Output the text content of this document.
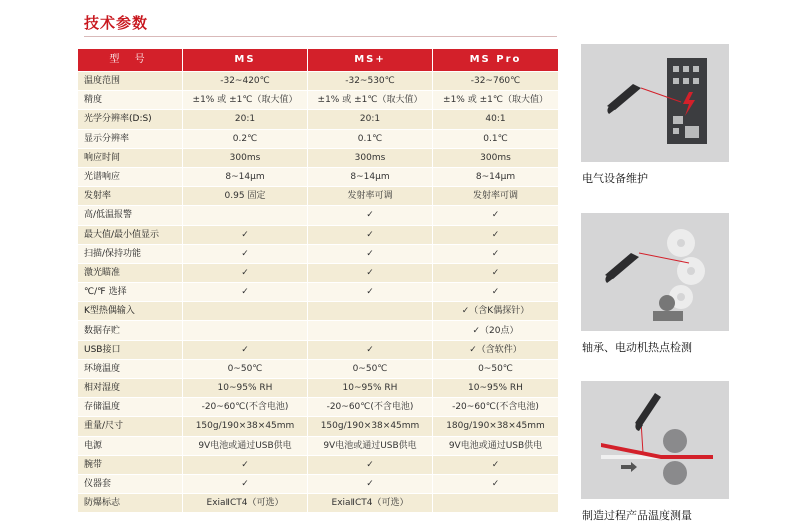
技术参数
型 号	MS	MS+	MS Pro
温度范围	-32~420℃	-32~530℃	-32~760℃
精度	±1% 或 ±1℃（取大值）	±1% 或 ±1℃（取大值）	±1% 或 ±1℃（取大值）
光学分辨率(D:S)	20:1	20:1	40:1
显示分辨率	0.2℃	0.1℃	0.1℃
响应时间	300ms	300ms	300ms
光谱响应	8~14μm	8~14μm	8~14μm
发射率	0.95 固定	发射率可调	发射率可调
高/低温报警		✓	✓
最大值/最小值显示	✓	✓	✓
扫描/保持功能	✓	✓	✓
激光瞄准	✓	✓	✓
℃/℉ 选择	✓	✓	✓
K型热偶输入			✓（含K偶探针）
数据存贮			✓（20点）
USB接口	✓	✓	✓（含软件）
环境温度	0~50℃	0~50℃	0~50℃
相对湿度	10~95% RH	10~95% RH	10~95% RH
存储温度	-20~60℃(不含电池)	-20~60℃(不含电池)	-20~60℃(不含电池)
重量/尺寸	150g/190×38×45mm	150g/190×38×45mm	180g/190×38×45mm
电源	9V电池或通过USB供电	9V电池或通过USB供电	9V电池或通过USB供电
腕带	✓	✓	✓
仪器套	✓	✓	✓
防爆标志	ExiaⅡCT4（可选）	ExiaⅡCT4（可选）	
电气设备维护
轴承、电动机热点检测
制造过程产品温度测量
